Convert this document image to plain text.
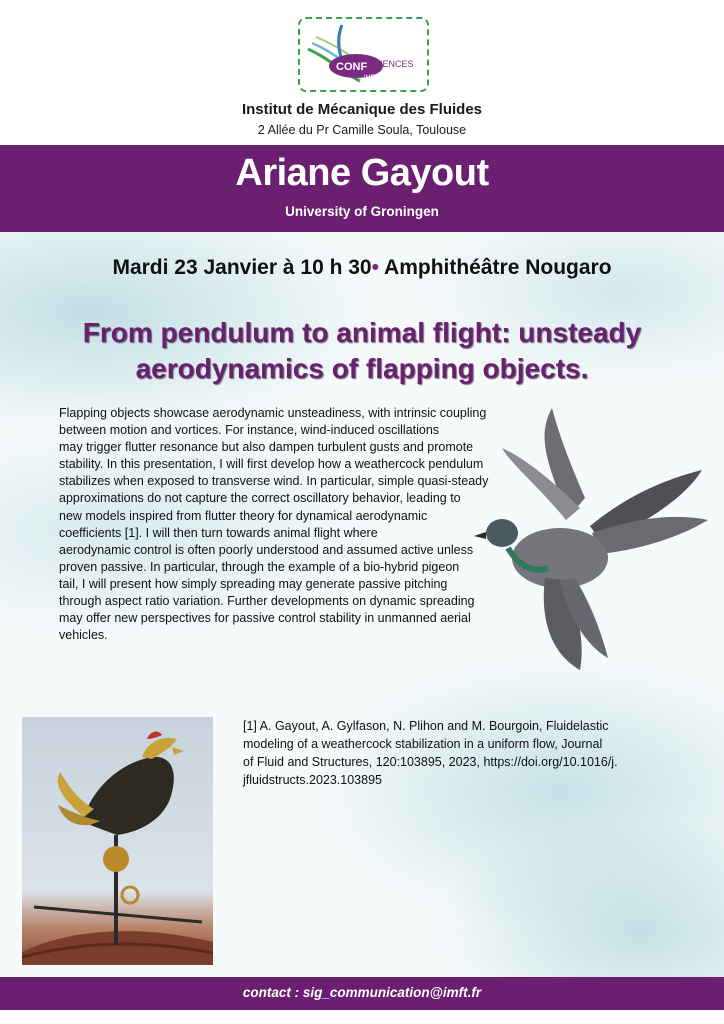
CONF LUENCES
IMFT
Institut de Mécanique des Fluides
2 Allée du Pr Camille Soula, Toulouse
Ariane Gayout
University of Groningen
Mardi 23 Janvier à 10 h 30• Amphithéâtre Nougaro
From pendulum to animal flight: unsteady
aerodynamics of flapping objects.
Flapping objects showcase aerodynamic unsteadiness, with intrinsic coupling
between motion and vortices. For instance, wind-induced oscillations
may trigger flutter resonance but also dampen turbulent gusts and promote
stability. In this presentation, I will first develop how a weathercock pendulum
stabilizes when exposed to transverse wind. In particular, simple quasi-steady
approximations do not capture the correct oscillatory behavior, leading to
new models inspired from flutter theory for dynamical aerodynamic
coefficients [1]. I will then turn towards animal flight where
aerodynamic control is often poorly understood and assumed active unless
proven passive. In particular, through the example of a bio-hybrid pigeon
tail, I will present how simply spreading may generate passive pitching
through aspect ratio variation. Further developments on dynamic spreading
may offer new perspectives for passive control stability in unmanned aerial
vehicles.
[1] A. Gayout, A. Gylfason, N. Plihon and M. Bourgoin, Fluidelastic
modeling of a weathercock stabilization in a uniform flow, Journal
of Fluid and Structures, 120:103895, 2023, https://doi.org/10.1016/j.
jfluidstructs.2023.103895
contact : sig_communication@imft.fr
